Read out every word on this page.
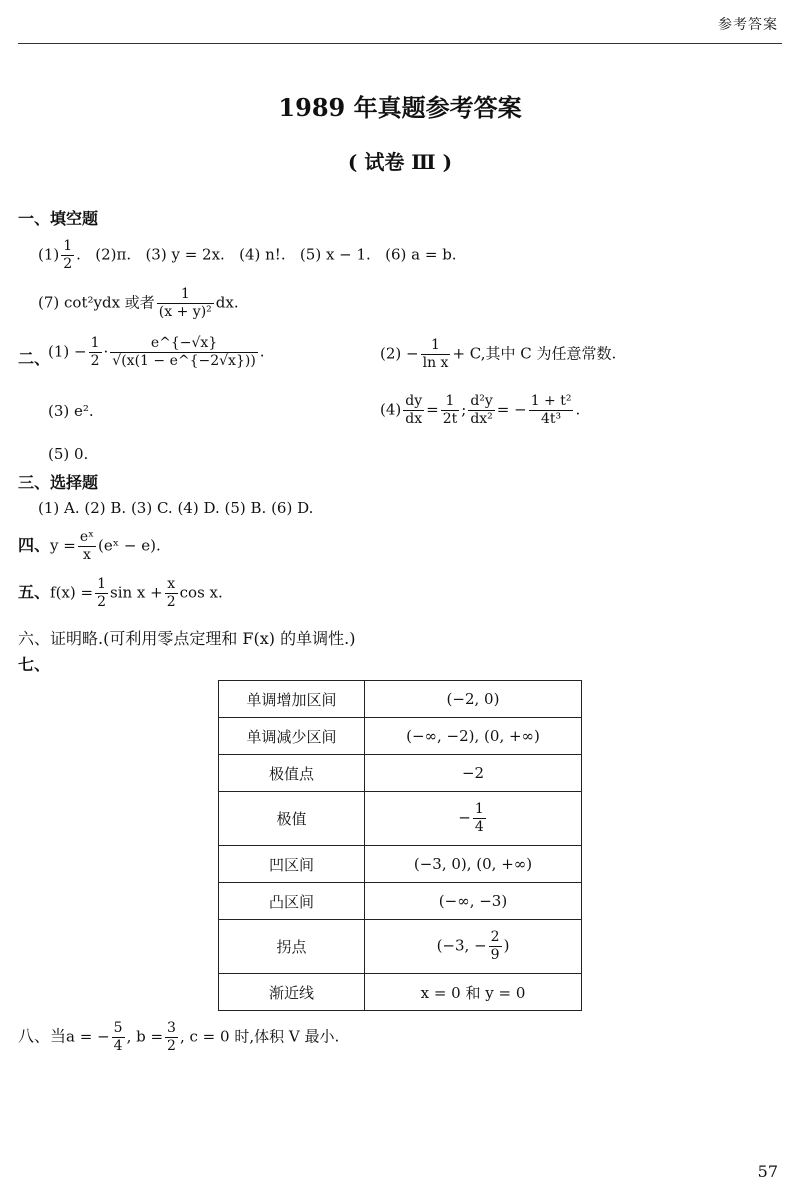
参考答案
1989 年真题参考答案
( 试卷 Ⅲ )
一、填空题
$(1) \frac{1}{2}$ .   (2)π. (3) y = 2x. (4) n!. (5) x − 1. (6) a = b.
(7) cot²ydx 或者 $\frac{1}{\text{(x + y)²}}$ dx.
二、
$(1) - \frac{1}{2} \cdot \frac{e\^{}\{-√x\}}{√(x(1 - e\^{}\{-2√x\}))}$ .	$(2) - \frac{1}{\text{ln x}} + C$,其中 C 为任意常数.
(3) e².	$(4) \frac{dy}{dx} = \frac{1}{2t}$ ; $\frac{\text{d²y}}{\text{dx²}}$ = − $\frac{\text{1 + t²}}{\text{4t³}}$ .
(5) 0.
三、选择题
(1) A. (2) B. (3) C. (4) D. (5) B. (6) D.
四、$y = \frac{\text{eˣ}}{x}$ (eˣ − e).
五、$f(x) = \frac{1}{2}$ $\sin x + \frac{x}{2}$ cos x.
六、证明略.(可利用零点定理和 F(x) 的单调性.)
七、
单调增加区间	(−2, 0)
单调减少区间	(−∞, −2), (0, +∞)
极值点	−2
极值	− $\frac{1}{4}$

凹区间	(−3, 0), (0, +∞)
凸区间	(−∞, −3)
拐点	(−3, − $\frac{2}{9}$ )
渐近线	x = 0 和 y = 0
八、当a = − $\frac{5}{4}$ , $b = \frac{3}{2}$ , c = 0 时,体积 V 最小.
57
